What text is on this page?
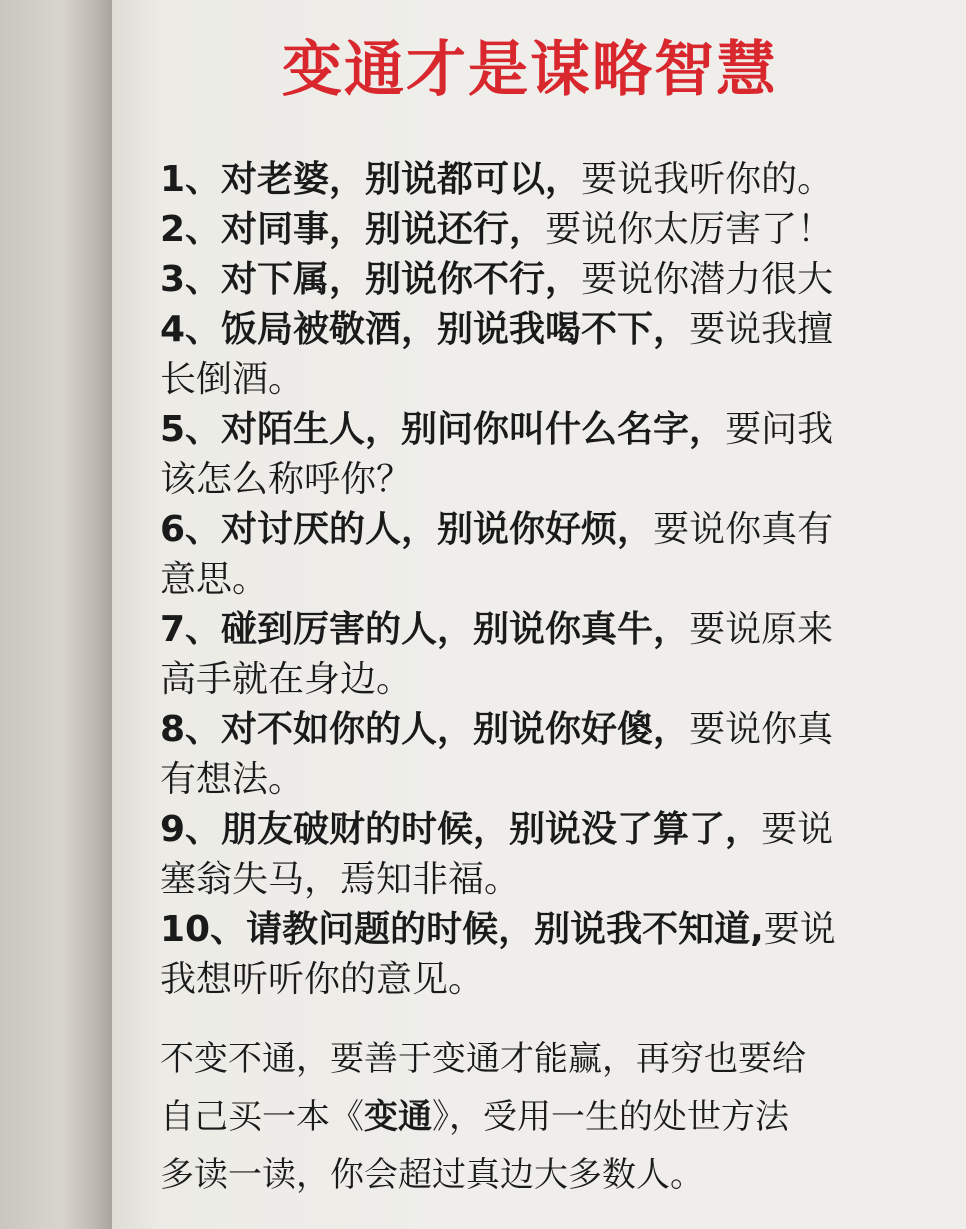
变通才是谋略智慧
1、对老婆，别说都可以，要说我听你的。
2、对同事，别说还行，要说你太厉害了！
3、对下属，别说你不行，要说你潜力很大
4、饭局被敬酒，别说我喝不下，要说我擅
长倒酒。
5、对陌生人，别问你叫什么名字，要问我
该怎么称呼你？
6、对讨厌的人，别说你好烦，要说你真有
意思。
7、碰到厉害的人，别说你真牛，要说原来
高手就在身边。
8、对不如你的人，别说你好傻，要说你真
有想法。
9、朋友破财的时候，别说没了算了，要说
塞翁失马，焉知非福。
10、请教问题的时候，别说我不知道,要说
我想听听你的意见。
不变不通，要善于变通才能赢，再穷也要给
自己买一本《变通》，受用一生的处世方法
多读一读，你会超过真边大多数人。
